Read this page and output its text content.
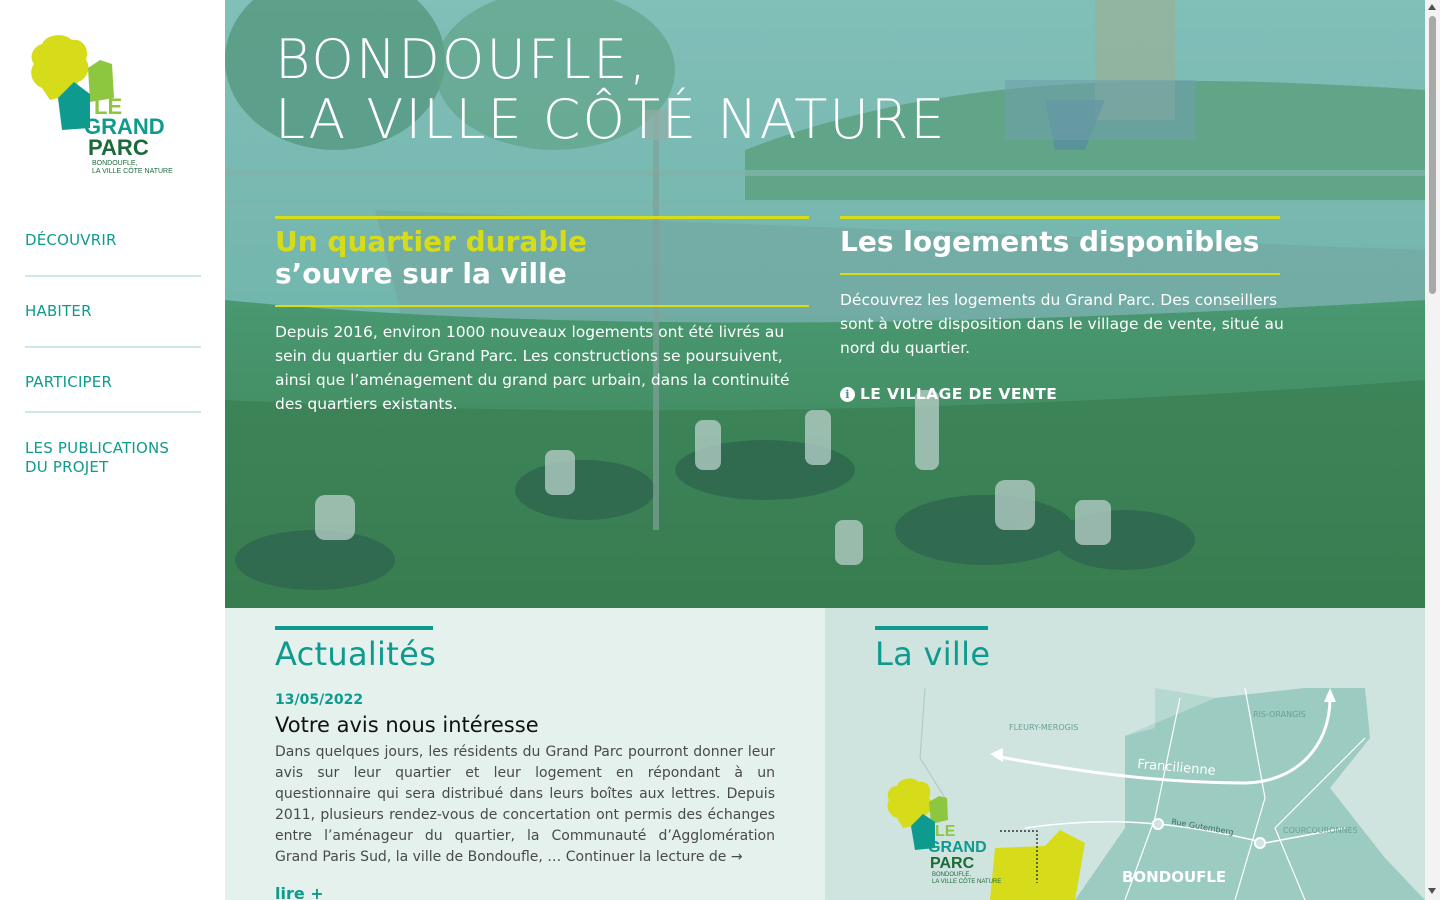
LE
GRAND
PARC
BONDOUFLE,
LA VILLE CÔTE NATURE
DÉCOUVRIR
HABITER
PARTICIPER
LES PUBLICATIONS
DU PROJET
BONDOUFLE,
LA VILLE CÔTÉ NATURE
Un quartier durable
s’ouvre sur la ville

Depuis 2016, environ 1000 nouveaux logements ont été livrés au sein du quartier du Grand Parc. Les constructions se poursuivent, ainsi que l’aménagement du grand parc urbain, dans la continuité des quartiers existants.

Les logements disponibles

Découvrez les logements du Grand Parc. Des conseillers sont à votre disposition dans le village de vente, situé au nord du quartier.

i LE VILLAGE DE VENTE
Actualités
13/05/2022
Votre avis nous intéresse

Dans quelques jours, les résidents du Grand Parc pourront donner leur avis sur leur quartier et leur logement en répondant à un questionnaire qui sera distribué dans leurs boîtes aux lettres. Depuis 2011, plusieurs rendez-vous de concertation ont permis des échanges entre l’aménageur du quartier, la Communauté d’Agglomération Grand Paris Sud, la ville de Bondoufle, … Continuer la lecture de →

lire +
La ville
LE
GRAND
PARC
BONDOUFLE,
LA VILLE CÔTE NATURE
FLEURY-MEROGIS
RIS-ORANGIS
Francilienne
Rue Gutemberg	COURCOURONNES
BONDOUFLE
